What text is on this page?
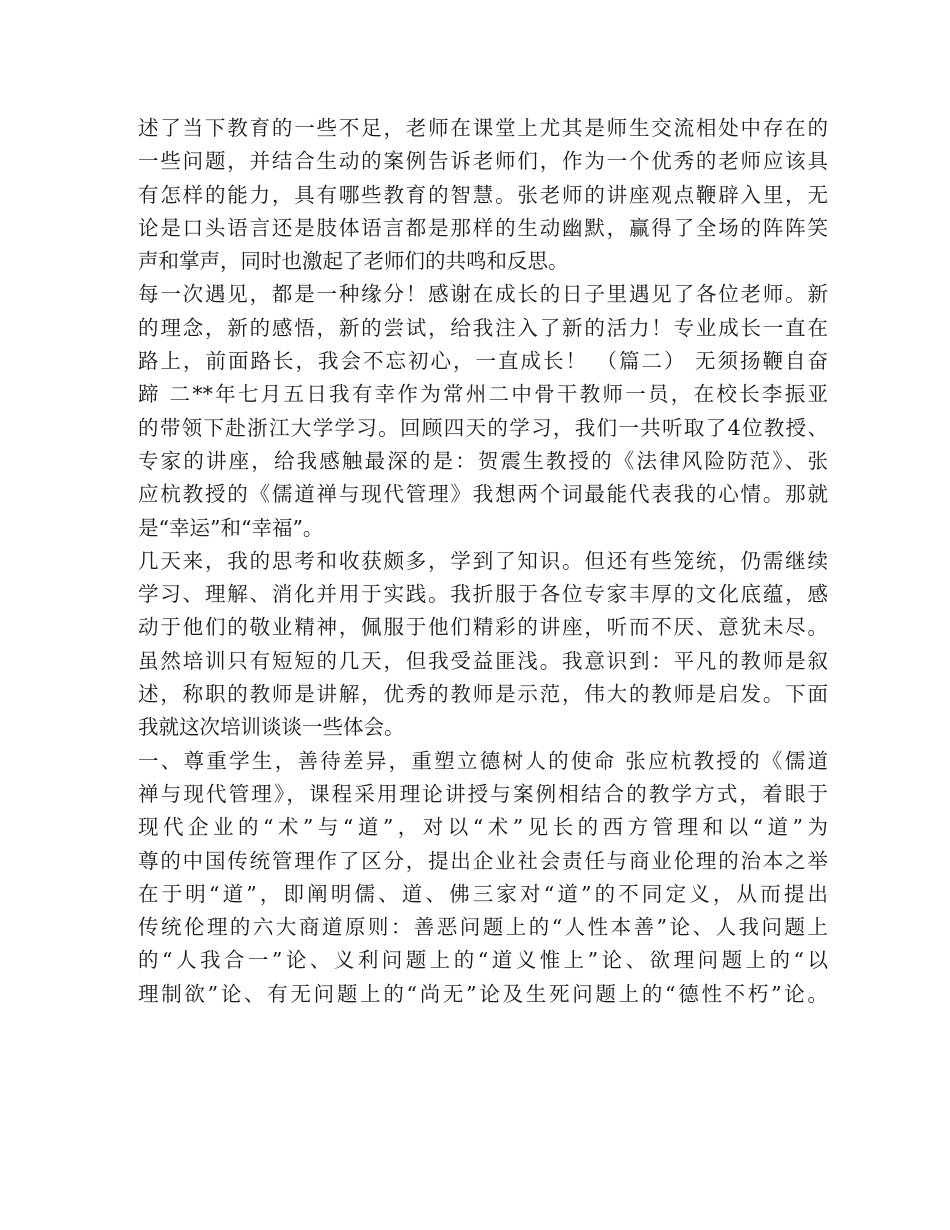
述了当下教育的一些不足，老师在课堂上尤其是师生交流相处中存在的
一些问题，并结合生动的案例告诉老师们，作为一个优秀的老师应该具
有怎样的能力，具有哪些教育的智慧。张老师的讲座观点鞭辟入里，无
论是口头语言还是肢体语言都是那样的生动幽默，赢得了全场的阵阵笑
声和掌声，同时也激起了老师们的共鸣和反思。
每一次遇见，都是一种缘分！感谢在成长的日子里遇见了各位老师。新
的理念，新的感悟，新的尝试，给我注入了新的活力！专业成长一直在
路上，前面路长，我会不忘初心，一直成长！ （篇二） 无须扬鞭自奋
蹄 二**年七月五日我有幸作为常州二中骨干教师一员，在校长李振亚
的带领下赴浙江大学学习。回顾四天的学习，我们一共听取了4位教授、
专家的讲座，给我感触最深的是：贺震生教授的《法律风险防范》、张
应杭教授的《儒道禅与现代管理》我想两个词最能代表我的心情。那就
是“幸运”和“幸福”。
几天来，我的思考和收获颇多，学到了知识。但还有些笼统，仍需继续
学习、理解、消化并用于实践。我折服于各位专家丰厚的文化底蕴，感
动于他们的敬业精神，佩服于他们精彩的讲座，听而不厌、意犹未尽。
虽然培训只有短短的几天，但我受益匪浅。我意识到：平凡的教师是叙
述，称职的教师是讲解，优秀的教师是示范，伟大的教师是启发。下面
我就这次培训谈谈一些体会。
一、尊重学生，善待差异，重塑立德树人的使命 张应杭教授的《儒道
禅与现代管理》，课程采用理论讲授与案例相结合的教学方式，着眼于
现代企业的“术”与“道”，对以“术”见长的西方管理和以“道”为
尊的中国传统管理作了区分，提出企业社会责任与商业伦理的治本之举
在于明“道”，即阐明儒、道、佛三家对“道”的不同定义，从而提出
传统伦理的六大商道原则：善恶问题上的“人性本善”论、人我问题上
的“人我合一”论、义利问题上的“道义惟上”论、欲理问题上的“以
理制欲”论、有无问题上的“尚无”论及生死问题上的“德性不朽”论。
